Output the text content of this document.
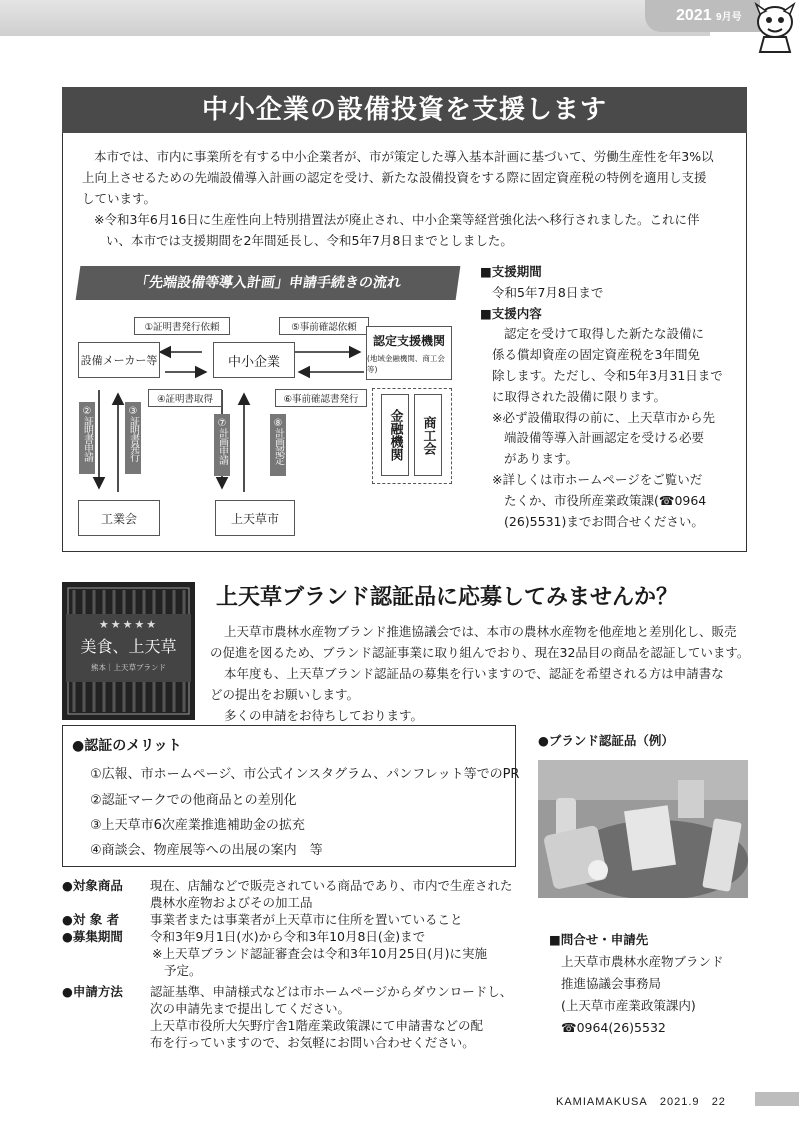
2021 9月号
中小企業の設備投資を支援します
本市では、市内に事業所を有する中小企業者が、市が策定した導入基本計画に基づいて、労働生産性を年3%以
上向上させるための先端設備導入計画の認定を受け、新たな設備投資をする際に固定資産税の特例を適用し支援
しています。
※令和3年6月16日に生産性向上特別措置法が廃止され、中小企業等経営強化法へ移行されました。これに伴
い、本市では支援期間を2年間延長し、令和5年7月8日までとしました。
「先端設備等導入計画」申請手続きの流れ
①証明書発行依頼	⑤事前確認依頼
設備メーカー等	中小企業
認定支援機関
(地域金融機関、商工会等)
④証明書取得	⑥事前確認書発行
②証明書申請	③証明書発行	⑦計画申請	⑧計画認定	金融機関	商工会
工業会	上天草市
■支援期間
令和5年7月8日まで
■支援内容
認定を受けて取得した新たな設備に
係る償却資産の固定資産税を3年間免
除します。ただし、令和5年3月31日まで
に取得された設備に限ります。
※必ず設備取得の前に、上天草市から先
端設備等導入計画認定を受ける必要
があります。
※詳しくは市ホームページをご覧いだ
たくか、市役所産業政策課(☎0964
(26)5531)までお問合せください。
★★★★★
美食、上天草
熊本｜上天草ブランド
上天草ブランド認証品に応募してみませんか？
上天草市農林水産物ブランド推進協議会では、本市の農林水産物を他産地と差別化し、販売
の促進を図るため、ブランド認証事業に取り組んでおり、現在32品目の商品を認証しています。
本年度も、上天草ブランド認証品の募集を行いますので、認証を希望される方は申請書な
どの提出をお願いします。
多くの申請をお待ちしております。
●認証のメリット
①広報、市ホームページ、市公式インスタグラム、パンフレット等でのPR
②認証マークでの他商品との差別化
③上天草市6次産業推進補助金の拡充
④商談会、物産展等への出展の案内　等
●ブランド認証品（例）
●対象商品	現在、店舗などで販売されている商品であり、市内で生産された
農林水産物およびその加工品
●対 象 者	事業者または事業者が上天草市に住所を置いていること
●募集期間	令和3年9月1日(水)から令和3年10月8日(金)まで
※上天草ブランド認証審査会は令和3年10月25日(月)に実施
予定。
●申請方法	認証基準、申請様式などは市ホームページからダウンロードし、
次の申請先まで提出してください。
上天草市役所大矢野庁舎1階産業政策課にて申請書などの配
布を行っていますので、お気軽にお問い合わせください。
■問合せ・申請先
上天草市農林水産物ブランド
推進協議会事務局
(上天草市産業政策課内)
☎0964(26)5532
KAMIAMAKUSA 2021.9 22
